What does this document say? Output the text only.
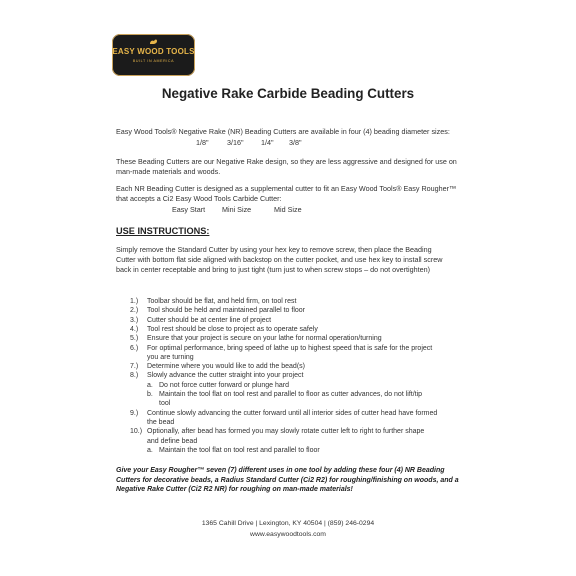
EASY WOOD TOOLS
BUILT IN AMERICA
Negative Rake Carbide Beading Cutters
Easy Wood Tools® Negative Rake (NR) Beading Cutters are available in four (4) beading diameter sizes:
1/8"	3/16" 1/4" 3/8"
These Beading Cutters are our Negative Rake design, so they are less aggressive and designed for use on
man-made materials and woods.
Each NR Beading Cutter is designed as a supplemental cutter to fit an Easy Wood Tools® Easy Rougher™
that accepts a Ci2 Easy Wood Tools Carbide Cutter:
Easy Start Mini Size	Mid Size
USE INSTRUCTIONS:
Simply remove the Standard Cutter by using your hex key to remove screw, then place the Beading
Cutter with bottom flat side aligned with backstop on the cutter pocket, and use hex key to install screw
back in center receptable and bring to just tight (turn just to when screw stops – do not overtighten)
1.)	Toolbar should be flat, and held firm, on tool rest
2.)	Tool should be held and maintained parallel to floor
3.)	Cutter should be at center line of project
4.)	Tool rest should be close to project as to operate safely
5.)	Ensure that your project is secure on your lathe for normal operation/turning
6.)	For optimal performance, bring speed of lathe up to highest speed that is safe for the project
you are turning
7.)	Determine where you would like to add the bead(s)
8.)	Slowly advance the cutter straight into your project
a. Do not force cutter forward or plunge hard
b. Maintain the tool flat on tool rest and parallel to floor as cutter advances, do not lift/tip
tool
9.)	Continue slowly advancing the cutter forward until all interior sides of cutter head have formed
the bead
10.) Optionally, after bead has formed you may slowly rotate cutter left to right to further shape
and define bead
a. Maintain the tool flat on tool rest and parallel to floor
Give your Easy Rougher™ seven (7) different uses in one tool by adding these four (4) NR Beading
Cutters for decorative beads, a Radius Standard Cutter (Ci2 R2) for roughing/finishing on woods, and a
Negative Rake Cutter (Ci2 R2 NR) for roughing on man-made materials!
1365 Cahill Drive | Lexington, KY 40504 | (859) 246-0294
www.easywoodtools.com
